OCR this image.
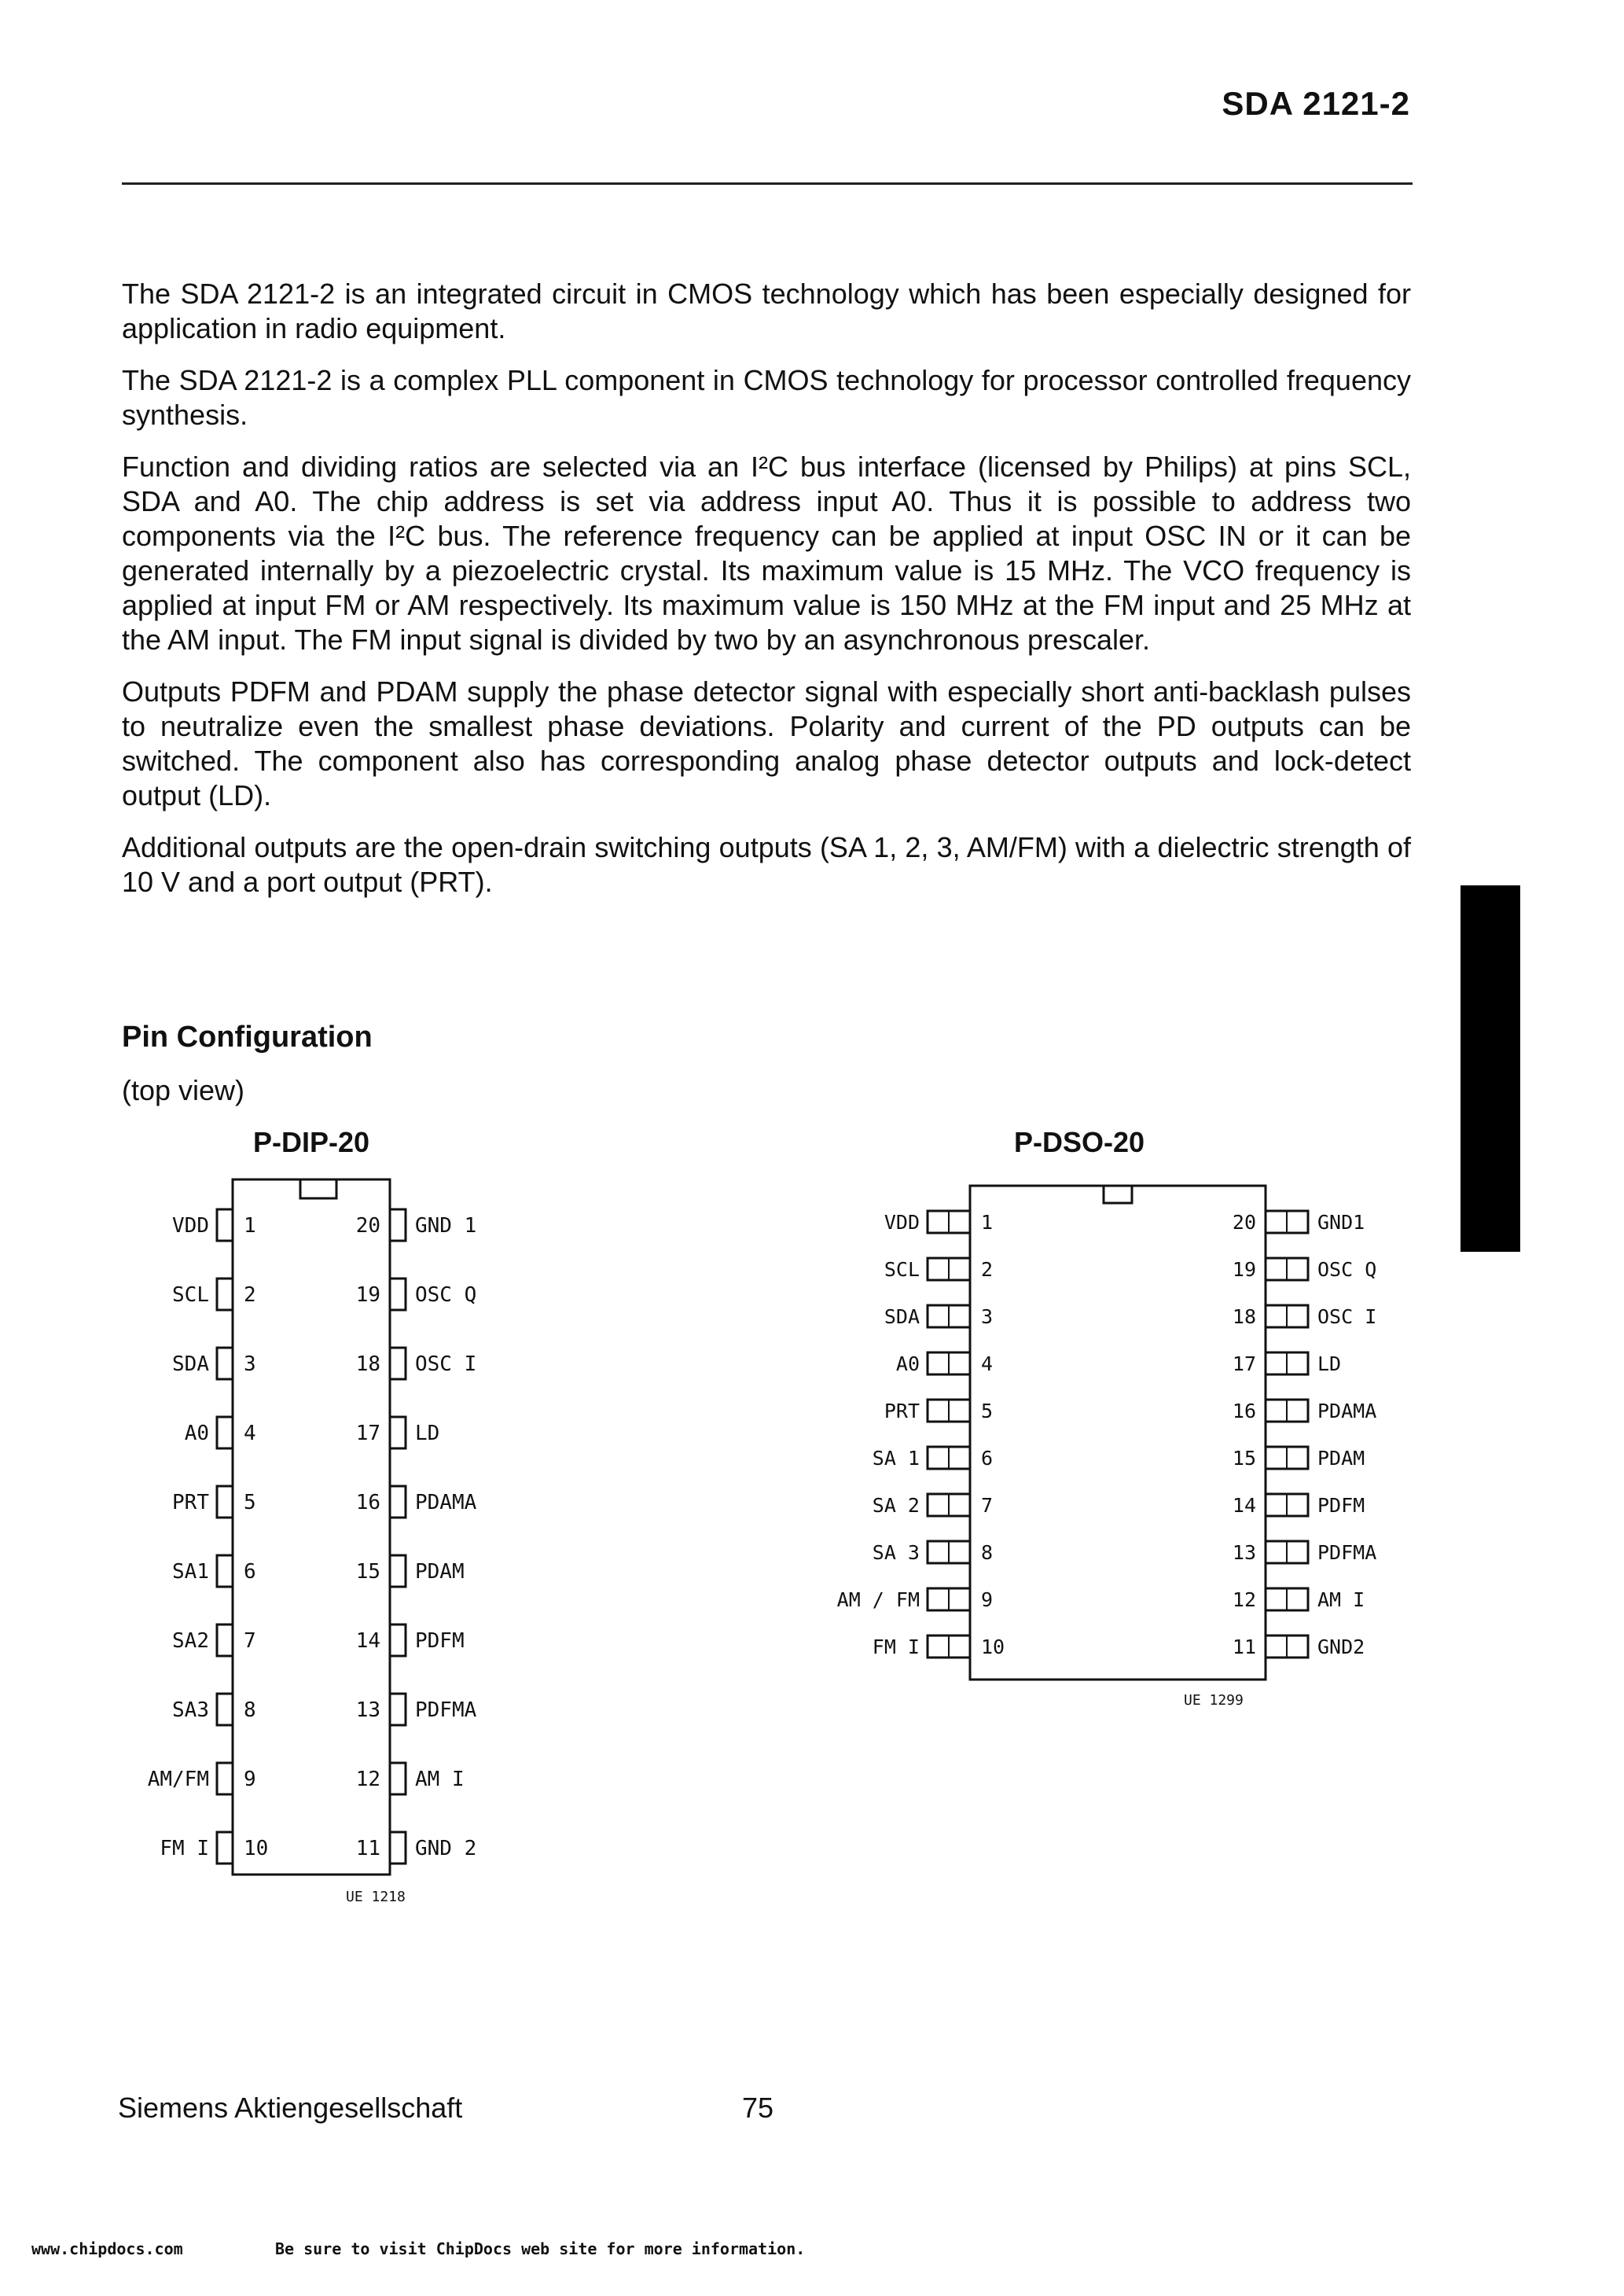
SDA 2121-2

The SDA 2121-2 is an integrated circuit in CMOS technology which has been especially designed for application in radio equipment.

The SDA 2121-2 is a complex PLL component in CMOS technology for processor controlled frequency synthesis.

Function and dividing ratios are selected via an I²C bus interface (licensed by Philips) at pins SCL, SDA and A0. The chip address is set via address input A0. Thus it is possible to address two components via the I²C bus. The reference frequency can be applied at input OSC IN or it can be generated internally by a piezoelectric crystal. Its maximum value is 15 MHz. The VCO frequency is applied at input FM or AM respectively. Its maximum value is 150 MHz at the FM input and 25 MHz at the AM input. The FM input signal is divided by two by an asynchronous prescaler.

Outputs PDFM and PDAM supply the phase detector signal with especially short anti-backlash pulses to neutralize even the smallest phase deviations. Polarity and current of the PD outputs can be switched. The component also has corresponding analog phase detector outputs and lock-detect output (LD).

Additional outputs are the open-drain switching outputs (SA 1, 2, 3, AM/FM) with a dielectric strength of 10 V and a port output (PRT).

Pin Configuration
(top view)
P-DIP-20	P-DSO-20
VDD 1
SCL 2
SDA 3
A0 4
PRT 5
SA1 6
SA2 7
SA3 8
AM/FM 9
FM I 10
20 GND 1
19 OSC Q
18 OSC I
17 LD
16 PDAMA
15 PDAM
14 PDFM
13 PDFMA
12 AM I
11 GND 2
UE 1218
VDD	1
SCL	2
SDA	3
A0	4
PRT	5
SA 1	6
SA 2	7
SA 3	8
AM / FM	9
FM I	10
20	GND1
19	OSC Q
18	OSC I
17	LD
16	PDAMA
15	PDAM
14	PDFM
13	PDFMA
12	AM I
11	GND2
UE 1299
Siemens Aktiengesellschaft	75
www.chipdocs.com	Be sure to visit ChipDocs web site for more information.
